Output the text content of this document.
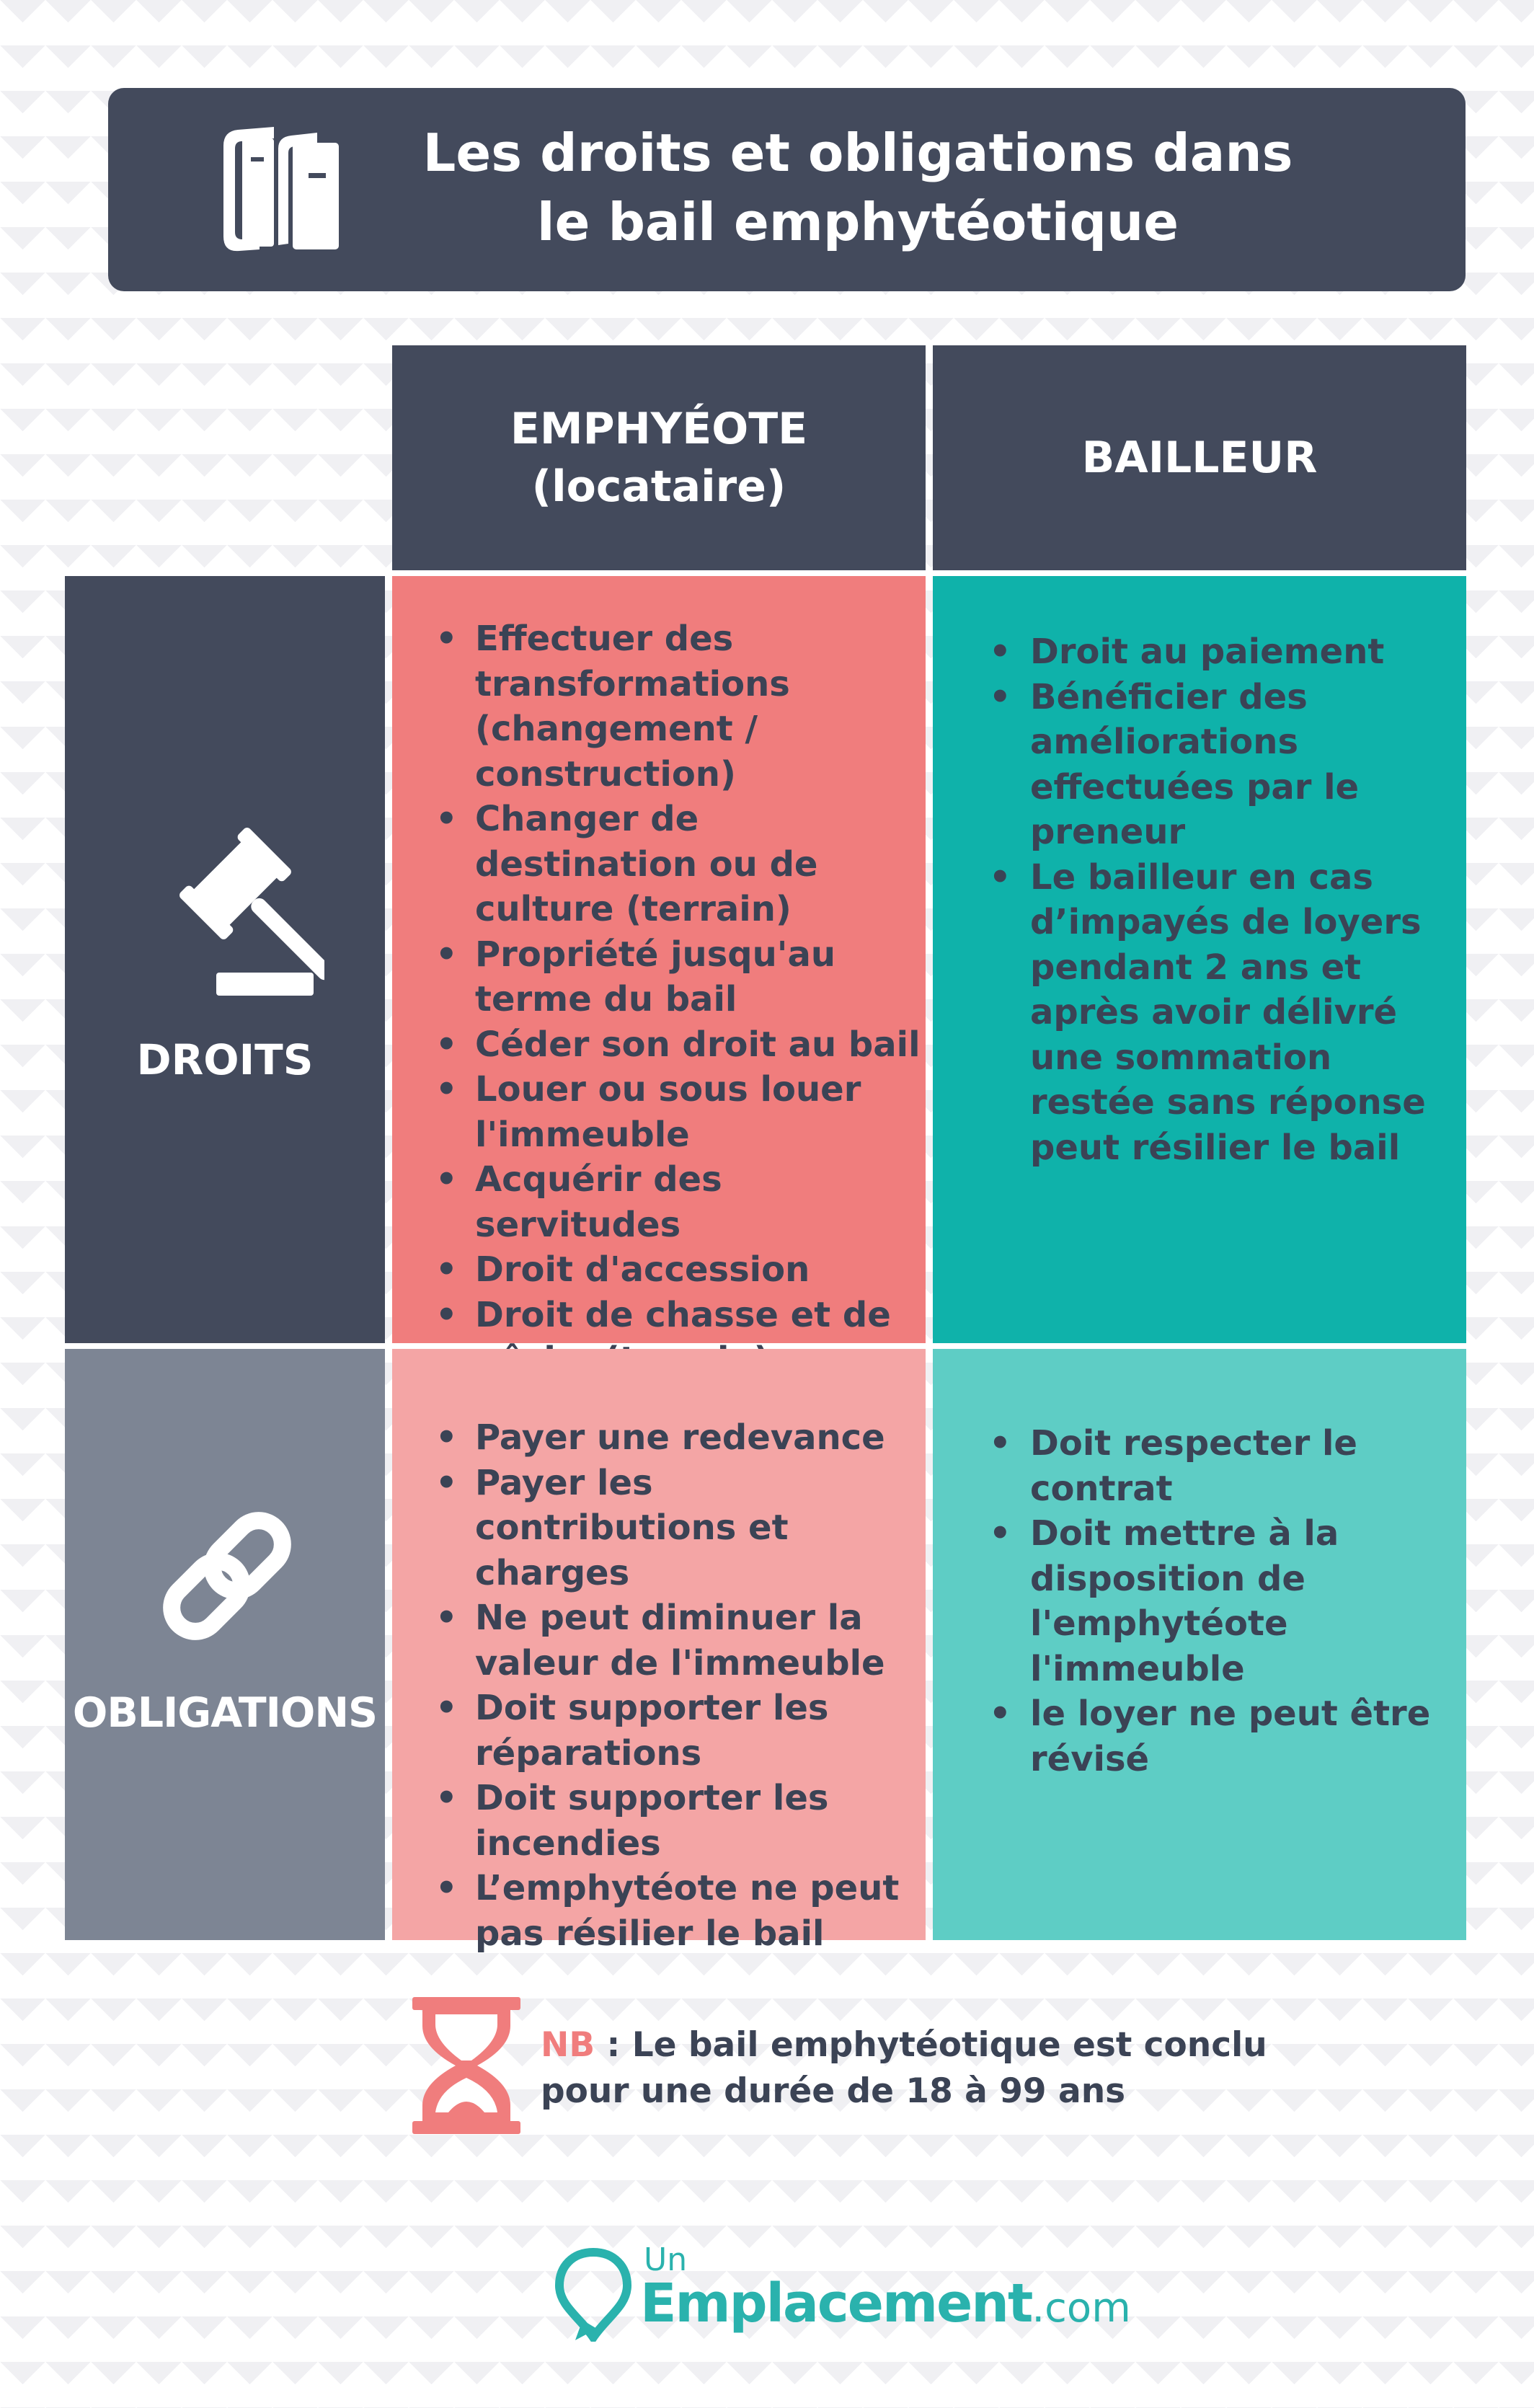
Les droits et obligations dans
le bail emphytéotique
EMPHYÉOTE
(locataire)
BAILLEUR
DROITS
OBLIGATIONS
• Effectuer des transformations (changement / construction)
• Changer de destination ou de culture (terrain)
• Propriété jusqu'au terme du bail
• Céder son droit au bail
• Louer ou sous louer l'immeuble
• Acquérir des servitudes
• Droit d'accession
• Droit de chasse et de
• Droit au paiement
• Bénéficier des améliorations effectuées par le preneur
• Le bailleur en cas d’impayés de loyers pendant 2 ans et après avoir délivré une sommation restée sans réponse peut résilier le bail
• Payer une redevance
• Payer les contributions et charges
• Ne peut diminuer la valeur de l'immeuble
• Doit supporter les réparations
• Doit supporter les incendies
• L’emphytéote ne peut pas résilier le bail
• Doit respecter le contrat
• Doit mettre à la disposition de l'emphytéote l'immeuble
• le loyer ne peut être révisé
NB : Le bail emphytéotique est conclu
pour une durée de 18 à 99 ans
Un
Emplacement.com
